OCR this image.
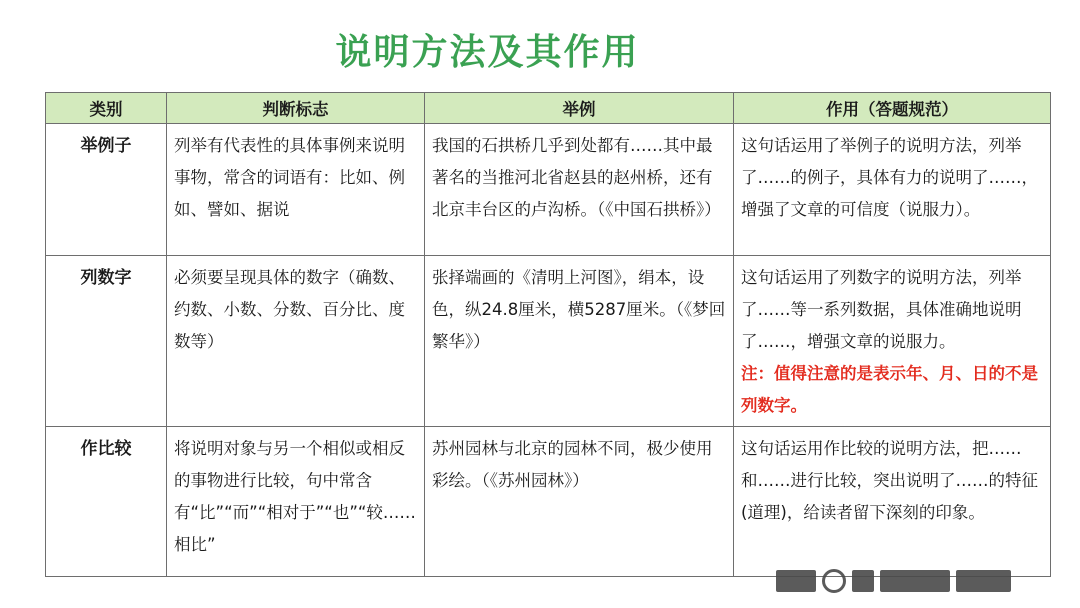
说明方法及其作用
类别	判断标志	举例	作用（答题规范）
举例子	列举有代表性的具体事例来说明事物，常含的词语有：比如、例如、譬如、据说	我国的石拱桥几乎到处都有……其中最著名的当推河北省赵县的赵州桥，还有北京丰台区的卢沟桥。（《中国石拱桥》）	这句话运用了举例子的说明方法，列举了……的例子，具体有力的说明了……，增强了文章的可信度（说服力）。
列数字	必须要呈现具体的数字（确数、约数、小数、分数、百分比、度数等）	张择端画的《清明上河图》，绢本，设色，纵24.8厘米，横5287厘米。（《梦回繁华》）	这句话运用了列数字的说明方法，列举了……等一系列数据，具体准确地说明了……，增强文章的说服力。
注：值得注意的是表示年、月、日的不是列数字。

作比较	将说明对象与另一个相似或相反的事物进行比较，句中常含有“比”“而”“相对于”“也”“较……相比”	苏州园林与北京的园林不同，极少使用彩绘。（《苏州园林》）	这句话运用作比较的说明方法，把……和……进行比较，突出说明了……的特征(道理)，给读者留下深刻的印象。
